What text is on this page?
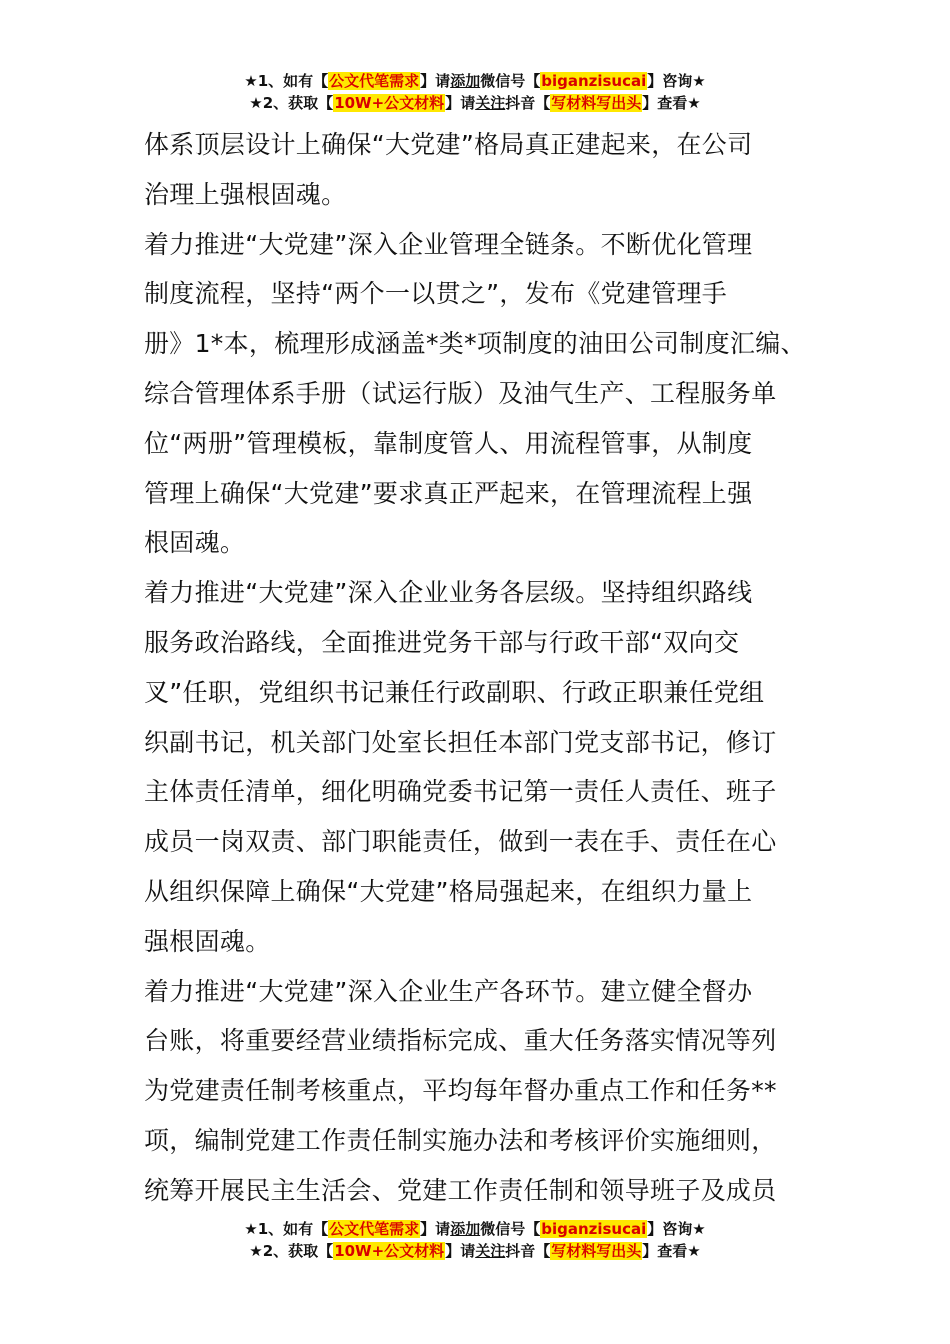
★1、如有【公文代笔需求】请添加微信号【biganzisucai】咨询★
★2、获取【10W+公文材料】请关注抖音【写材料写出头】查看★
体系顶层设计上确保“大党建”格局真正建起来，在公司
治理上强根固魂。
着力推进“大党建”深入企业管理全链条。不断优化管理
制度流程，坚持“两个一以贯之”，发布《党建管理手
册》1*本，梳理形成涵盖*类*项制度的油田公司制度汇编、
综合管理体系手册（试运行版）及油气生产、工程服务单
位“两册”管理模板，靠制度管人、用流程管事，从制度
管理上确保“大党建”要求真正严起来，在管理流程上强
根固魂。
着力推进“大党建”深入企业业务各层级。坚持组织路线
服务政治路线，全面推进党务干部与行政干部“双向交
叉”任职，党组织书记兼任行政副职、行政正职兼任党组
织副书记，机关部门处室长担任本部门党支部书记，修订
主体责任清单，细化明确党委书记第一责任人责任、班子
成员一岗双责、部门职能责任，做到一表在手、责任在心
从组织保障上确保“大党建”格局强起来，在组织力量上
强根固魂。
着力推进“大党建”深入企业生产各环节。建立健全督办
台账，将重要经营业绩指标完成、重大任务落实情况等列
为党建责任制考核重点，平均每年督办重点工作和任务**
项，编制党建工作责任制实施办法和考核评价实施细则，
统筹开展民主生活会、党建工作责任制和领导班子及成员
★1、如有【公文代笔需求】请添加微信号【biganzisucai】咨询★
★2、获取【10W+公文材料】请关注抖音【写材料写出头】查看★
